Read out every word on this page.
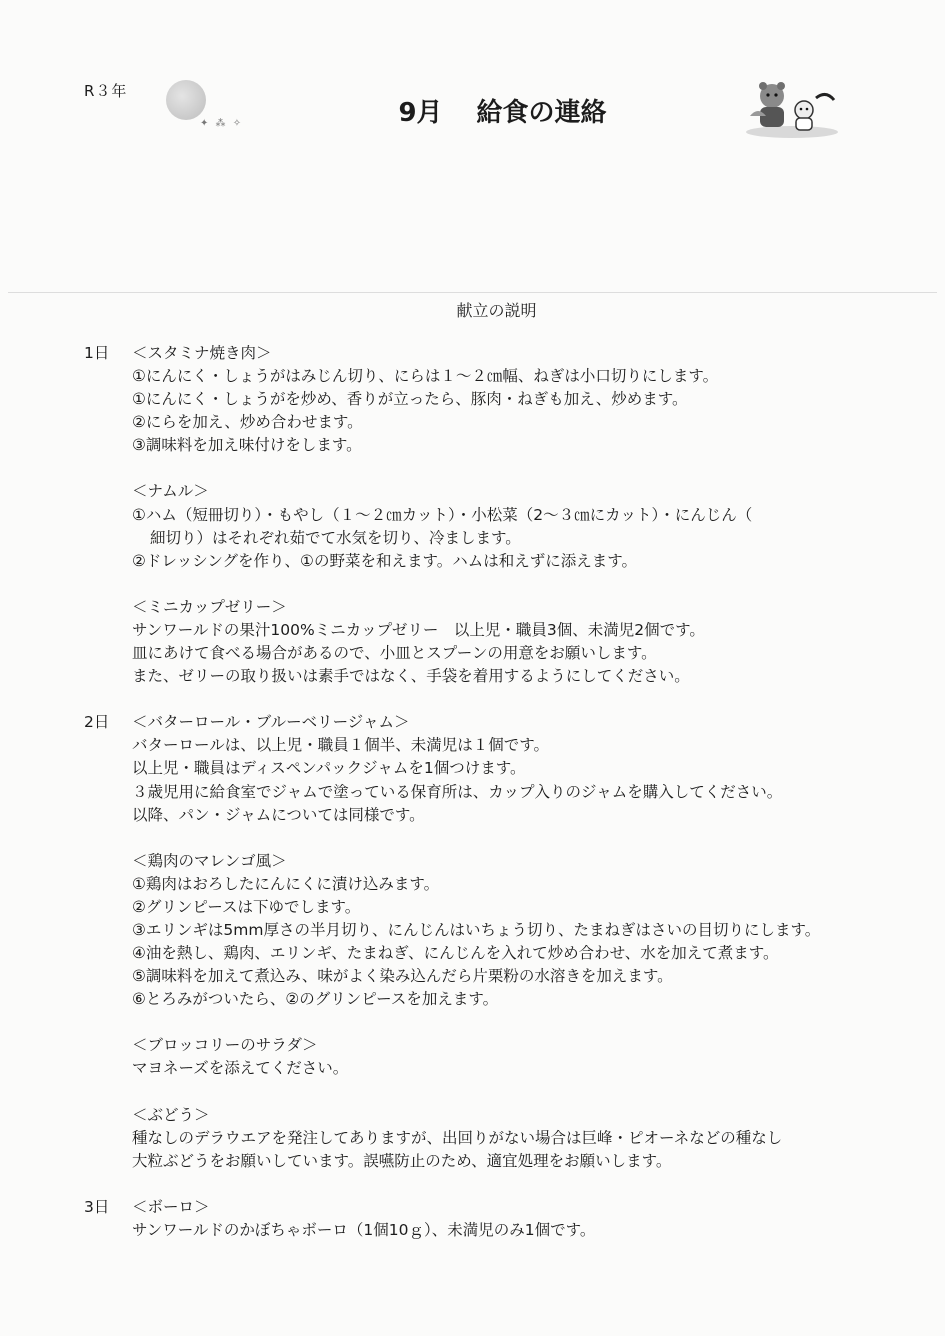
R３年
✦ ⁂ ✧	9月 給食の連絡
献立の説明
1日 ＜スタミナ焼き肉＞
①にんにく・しょうがはみじん切り、にらは１～２㎝幅、ねぎは小口切りにします。
①にんにく・しょうがを炒め、香りが立ったら、豚肉・ねぎも加え、炒めます。
②にらを加え、炒め合わせます。
③調味料を加え味付けをします。
＜ナムル＞
①ハム（短冊切り）・もやし（１～２㎝カット）・小松菜（2～３㎝にカット）・にんじん（
細切り）はそれぞれ茹でて水気を切り、冷まします。
②ドレッシングを作り、①の野菜を和えます。ハムは和えずに添えます。
＜ミニカップゼリー＞
サンワールドの果汁100%ミニカップゼリー　以上児・職員3個、未満児2個です。
皿にあけて食べる場合があるので、小皿とスプーンの用意をお願いします。
また、ゼリーの取り扱いは素手ではなく、手袋を着用するようにしてください。
2日 ＜バターロール・ブルーベリージャム＞
バターロールは、以上児・職員１個半、未満児は１個です。
以上児・職員はディスペンパックジャムを1個つけます。
３歳児用に給食室でジャムで塗っている保育所は、カップ入りのジャムを購入してください。
以降、パン・ジャムについては同様です。
＜鶏肉のマレンゴ風＞
①鶏肉はおろしたにんにくに漬け込みます。
②グリンピースは下ゆでします。
③エリンギは5mm厚さの半月切り、にんじんはいちょう切り、たまねぎはさいの目切りにします。
④油を熱し、鶏肉、エリンギ、たまねぎ、にんじんを入れて炒め合わせ、水を加えて煮ます。
⑤調味料を加えて煮込み、味がよく染み込んだら片栗粉の水溶きを加えます。
⑥とろみがついたら、②のグリンピースを加えます。
＜ブロッコリーのサラダ＞
マヨネーズを添えてください。
＜ぶどう＞
種なしのデラウエアを発注してありますが、出回りがない場合は巨峰・ピオーネなどの種なし
大粒ぶどうをお願いしています。誤嚥防止のため、適宜処理をお願いします。
3日 ＜ボーロ＞
サンワールドのかぼちゃボーロ（1個10ｇ）、未満児のみ1個です。
